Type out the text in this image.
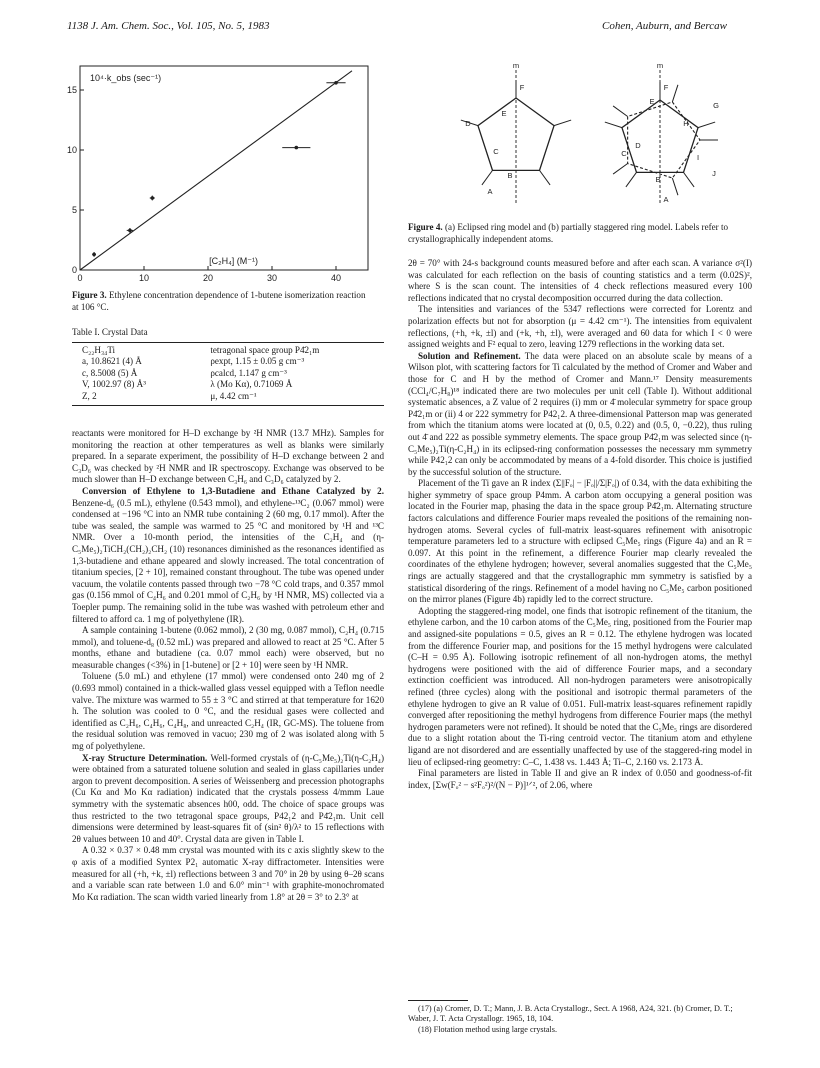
1138 J. Am. Chem. Soc., Vol. 105, No. 5, 1983	Cohen, Auburn, and Bercaw
0	10	20	30	40
0
5
10
15
10⁴·k_obs (sec⁻¹)
[C₂H₄] (M⁻¹)
Figure 3. Ethylene concentration dependence of 1-butene isomerization reaction at 106 °C.
Table I. Crystal Data
C₂₂H₃₄Ti	tetragonal space group P4̄2₁m
a, 10.8621 (4) Å	ρexpt, 1.15 ± 0.05 g cm⁻³
c, 8.5008 (5) Å	ρcalcd, 1.147 g cm⁻³
V, 1002.97 (8) Å³	λ (Mo Kα), 0.71069 Å
Z, 2	μ, 4.42 cm⁻¹

reactants were monitored for H–D exchange by ²H NMR (13.7 MHz). Samples for monitoring the reaction at other temperatures as well as blanks were similarly prepared. In a separate experiment, the possibility of H–D exchange between 2 and C₃D₆ was checked by ²H NMR and IR spectroscopy. Exchange was observed to be much slower than H–D exchange between C₃H₆ and C₃D₆ catalyzed by 2.

Conversion of Ethylene to 1,3-Butadiene and Ethane Catalyzed by 2. Benzene-d₆ (0.5 mL), ethylene (0.543 mmol), and ethylene-¹³C₂ (0.067 mmol) were condensed at −196 °C into an NMR tube containing 2 (60 mg, 0.17 mmol). After the tube was sealed, the sample was warmed to 25 °C and monitored by ¹H and ¹³C NMR. Over a 10-month period, the intensities of the C₂H₄ and (η-C₅Me₅)₂TiCH₂(CH₂)₂CH₂ (10) resonances diminished as the resonances identified as 1,3-butadiene and ethane appeared and slowly increased. The total concentration of titanium species, [2 + 10], remained constant throughout. The tube was opened under vacuum, the volatile contents passed through two −78 °C cold traps, and 0.357 mmol gas (0.156 mmol of C₄H₆ and 0.201 mmol of C₂H₆ by ¹H NMR, MS) collected via a Toepler pump. The remaining solid in the tube was washed with petroleum ether and filtered to afford ca. 1 mg of polyethylene (IR).

A sample containing 1-butene (0.062 mmol), 2 (30 mg, 0.087 mmol), C₂H₄ (0.715 mmol), and toluene-d₈ (0.52 mL) was prepared and allowed to react at 25 °C. After 5 months, ethane and butadiene (ca. 0.07 mmol each) were observed, but no measurable changes (<3%) in [1-butene] or [2 + 10] were seen by ¹H NMR.

Toluene (5.0 mL) and ethylene (17 mmol) were condensed onto 240 mg of 2 (0.693 mmol) contained in a thick-walled glass vessel equipped with a Teflon needle valve. The mixture was warmed to 55 ± 3 °C and stirred at that temperature for 1620 h. The solution was cooled to 0 °C, and the residual gases were collected and identified as C₂H₆, C₄H₆, C₄H₈, and unreacted C₂H₄ (IR, GC-MS). The toluene from the residual solution was removed in vacuo; 230 mg of 2 was isolated along with 5 mg of polyethylene.

X-ray Structure Determination. Well-formed crystals of (η-C₅Me₅)₂Ti(η-C₂H₄) were obtained from a saturated toluene solution and sealed in glass capillaries under argon to prevent decomposition. A series of Weissenberg and precession photographs (Cu Kα and Mo Kα radiation) indicated that the crystals possess 4/mmm Laue symmetry with the systematic absences h00, odd. The choice of space groups was thus restricted to the two tetragonal space groups, P42₁2 and P4̄2₁m. Unit cell dimensions were determined by least-squares fit of (sin² θ)/λ² to 15 reflections with 2θ values between 10 and 40°. Crystal data are given in Table I.

A 0.32 × 0.37 × 0.48 mm crystal was mounted with its c axis slightly skew to the φ axis of a modified Syntex P2₁ automatic X-ray diffractometer. Intensities were measured for all (+h, +k, ±l) reflections between 3 and 70° in 2θ by using θ–2θ scans and a variable scan rate between 1.0 and 6.0° min⁻¹ with graphite-monochromated Mo Kα radiation. The scan width varied linearly from 1.8° at 2θ = 3° to 2.3° at

m
F
E
D
C
B
A
m
F
E	G
H
C
D
I
J
B
A
Figure 4. (a) Eclipsed ring model and (b) partially staggered ring model. Labels refer to crystallographically independent atoms.

2θ = 70° with 24-s background counts measured before and after each scan. A variance σ²(I) was calculated for each reflection on the basis of counting statistics and a term (0.02S)², where S is the scan count. The intensities of 4 check reflections measured every 100 reflections indicated that no crystal decomposition occurred during the data collection.

The intensities and variances of the 5347 reflections were corrected for Lorentz and polarization effects but not for absorption (μ = 4.42 cm⁻¹). The intensities from equivalent reflections, (+h, +k, ±l) and (+k, +h, ±l), were averaged and 60 data for which I < 0 were assigned weights and F² equal to zero, leaving 1279 reflections in the working data set.

Solution and Refinement. The data were placed on an absolute scale by means of a Wilson plot, with scattering factors for Ti calculated by the method of Cromer and Waber and those for C and H by the method of Cromer and Mann.¹⁷ Density measurements (CCl₄/C₇H₈)¹⁸ indicated there are two molecules per unit cell (Table I). Without additional systematic absences, a Z value of 2 requires (i) mm or 4̄ molecular symmetry for space group P4̄2₁m or (ii) 4 or 222 symmetry for P42₁2. A three-dimensional Patterson map was generated from which the titanium atoms were located at (0, 0.5, 0.22) and (0.5, 0, −0.22), thus ruling out 4̄ and 222 as possible symmetry elements. The space group P4̄2₁m was selected since (η-C₅Me₅)₂Ti(η-C₂H₄) in its eclipsed-ring conformation possesses the necessary mm symmetry while P42₁2 can only be accommodated by means of a 4-fold disorder. This choice is justified by the successful solution of the structure.

Placement of the Ti gave an R index (Σ||Fₒ| − |Fₒ||/Σ|Fₒ|) of 0.34, with the data exhibiting the higher symmetry of space group P4mm. A carbon atom occupying a general position was located in the Fourier map, phasing the data in the space group P4̄2₁m. Alternating structure factors calculations and difference Fourier maps revealed the positions of the remaining non-hydrogen atoms. Several cycles of full-matrix least-squares refinement with anisotropic temperature parameters led to a structure with eclipsed C₅Me₅ rings (Figure 4a) and an R = 0.097. At this point in the refinement, a difference Fourier map clearly revealed the coordinates of the ethylene hydrogen; however, several anomalies suggested that the C₅Me₅ rings are actually staggered and that the crystallographic mm symmetry is satisfied by a statistical disordering of the rings. Refinement of a model having no C₅Me₅ carbon positioned on the mirror planes (Figure 4b) rapidly led to the correct structure.

Adopting the staggered-ring model, one finds that isotropic refinement of the titanium, the ethylene carbon, and the 10 carbon atoms of the C₅Me₅ ring, positioned from the Fourier map and assigned-site populations = 0.5, gives an R = 0.12. The ethylene hydrogen was located from the difference Fourier map, and positions for the 15 methyl hydrogens were calculated (C–H = 0.95 Å). Following isotropic refinement of all non-hydrogen atoms, the methyl hydrogens were positioned with the aid of difference Fourier maps, and a secondary extinction coefficient was introduced. All non-hydrogen parameters were anisotropically refined (three cycles) along with the positional and isotropic thermal parameters of the ethylene hydrogen to give an R value of 0.051. Full-matrix least-squares refinement rapidly converged after repositioning the methyl hydrogens from difference Fourier maps (the methyl hydrogen parameters were not refined). It should be noted that the C₅Me₅ rings are disordered due to a slight rotation about the Ti-ring centroid vector. The titanium atom and ethylene ligand are not disordered and are essentially unaffected by use of the staggered-ring model in lieu of eclipsed-ring geometry: C–C, 1.438 vs. 1.443 Å; Ti–C, 2.160 vs. 2.173 Å.

Final parameters are listed in Table II and give an R index of 0.050 and goodness-of-fit index, [Σw(Fₒ² − s²Fₒ²)²/(N − P)]¹ᐟ², of 2.06, where

(17) (a) Cromer, D. T.; Mann, J. B. Acta Crystallogr., Sect. A 1968, A24, 321. (b) Cromer, D. T.; Waber, J. T. Acta Crystallogr. 1965, 18, 104.
(18) Flotation method using large crystals.
